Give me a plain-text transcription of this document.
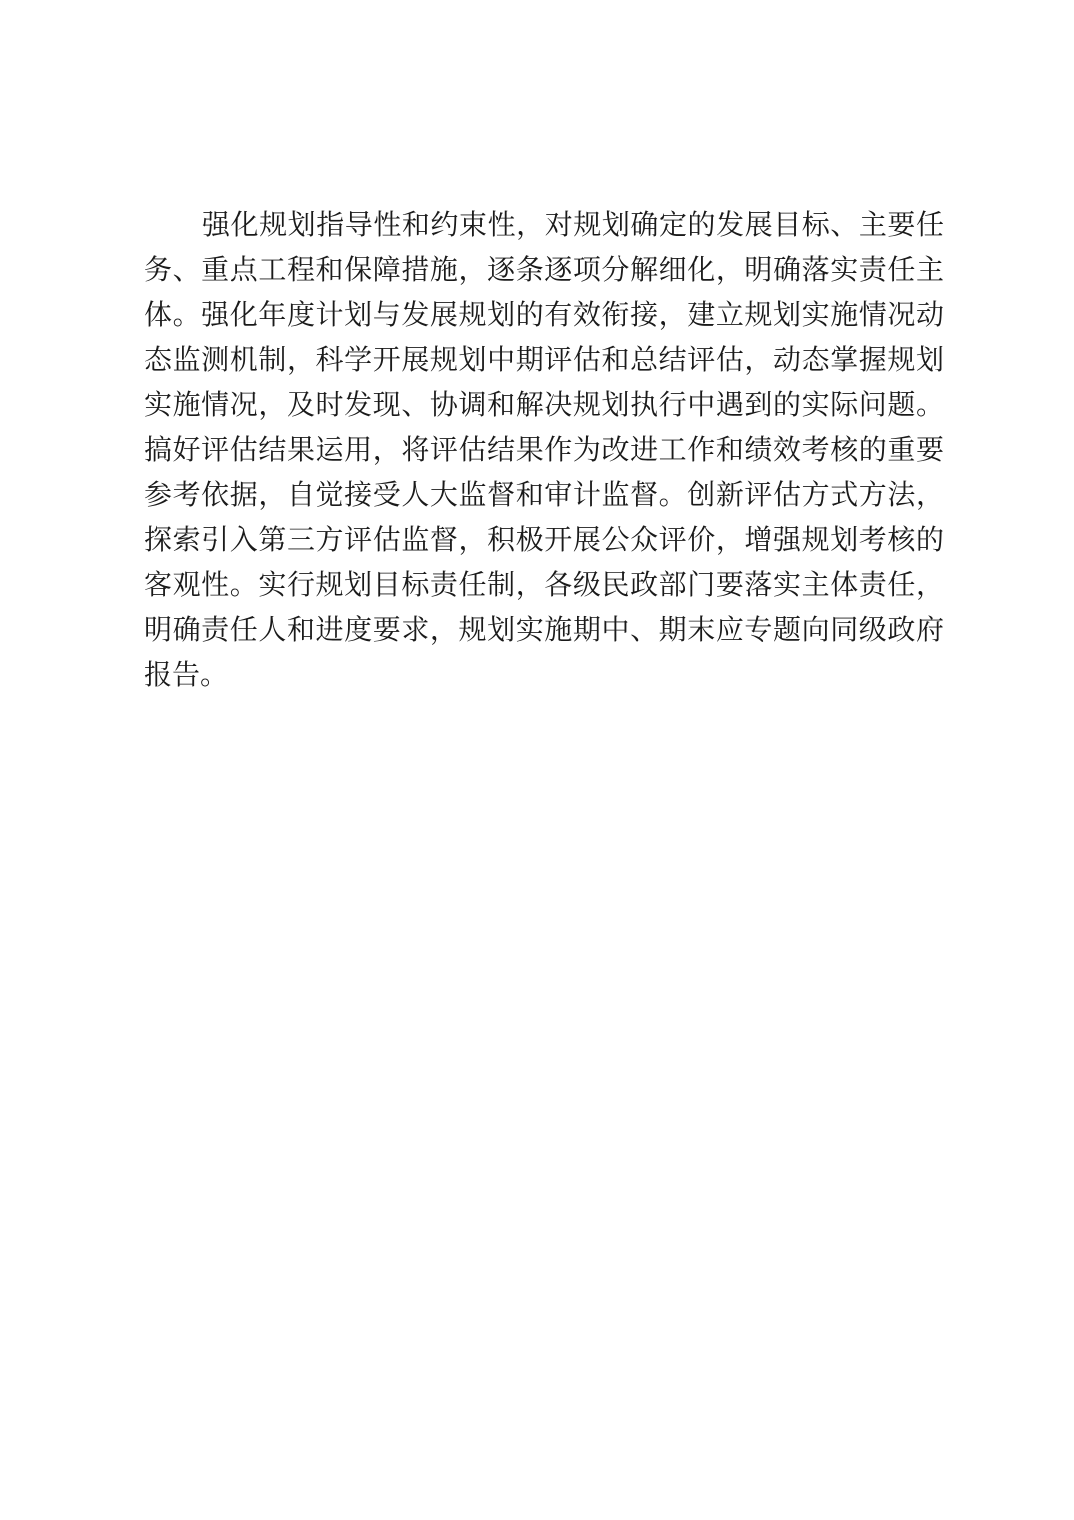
强化规划指导性和约束性，对规划确定的发展目标、主要任
务、重点工程和保障措施，逐条逐项分解细化，明确落实责任主
体。强化年度计划与发展规划的有效衔接，建立规划实施情况动
态监测机制，科学开展规划中期评估和总结评估，动态掌握规划
实施情况，及时发现、协调和解决规划执行中遇到的实际问题。
搞好评估结果运用，将评估结果作为改进工作和绩效考核的重要
参考依据，自觉接受人大监督和审计监督。创新评估方式方法，
探索引入第三方评估监督，积极开展公众评价，增强规划考核的
客观性。实行规划目标责任制，各级民政部门要落实主体责任，
明确责任人和进度要求，规划实施期中、期末应专题向同级政府
报告。
